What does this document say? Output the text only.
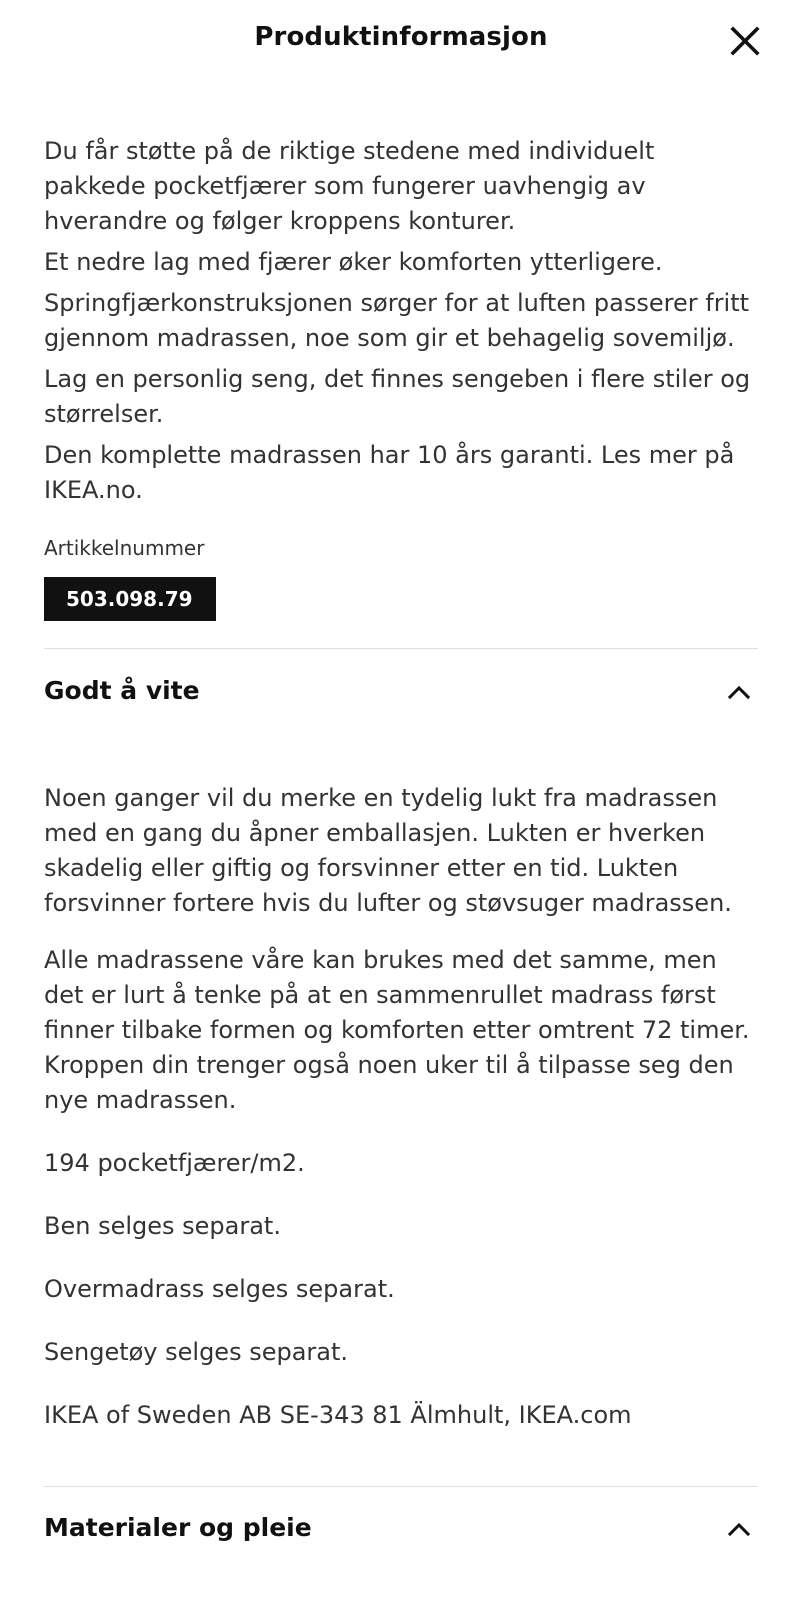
Produktinformasjon

Du får støtte på de riktige stedene med individuelt pakkede pocketfjærer som fungerer uavhengig av hverandre og følger kroppens konturer.

Et nedre lag med fjærer øker komforten ytterligere.

Springfjærkonstruksjonen sørger for at luften passerer fritt gjennom madrassen, noe som gir et behagelig sovemiljø.

Lag en personlig seng, det finnes sengeben i flere stiler og størrelser.

Den komplette madrassen har 10 års garanti. Les mer på IKEA.no.

Artikkelnummer
503.098.79
Godt å vite

Noen ganger vil du merke en tydelig lukt fra madrassen med en gang du åpner emballasjen. Lukten er hverken skadelig eller giftig og forsvinner etter en tid. Lukten forsvinner fortere hvis du lufter og støvsuger madrassen.

Alle madrassene våre kan brukes med det samme, men det er lurt å tenke på at en sammenrullet madrass først finner tilbake formen og komforten etter omtrent 72 timer. Kroppen din trenger også noen uker til å tilpasse seg den nye madrassen.

194 pocketfjærer/m2.

Ben selges separat.

Overmadrass selges separat.

Sengetøy selges separat.

IKEA of Sweden AB SE-343 81 Älmhult, IKEA.com

Materialer og pleie
